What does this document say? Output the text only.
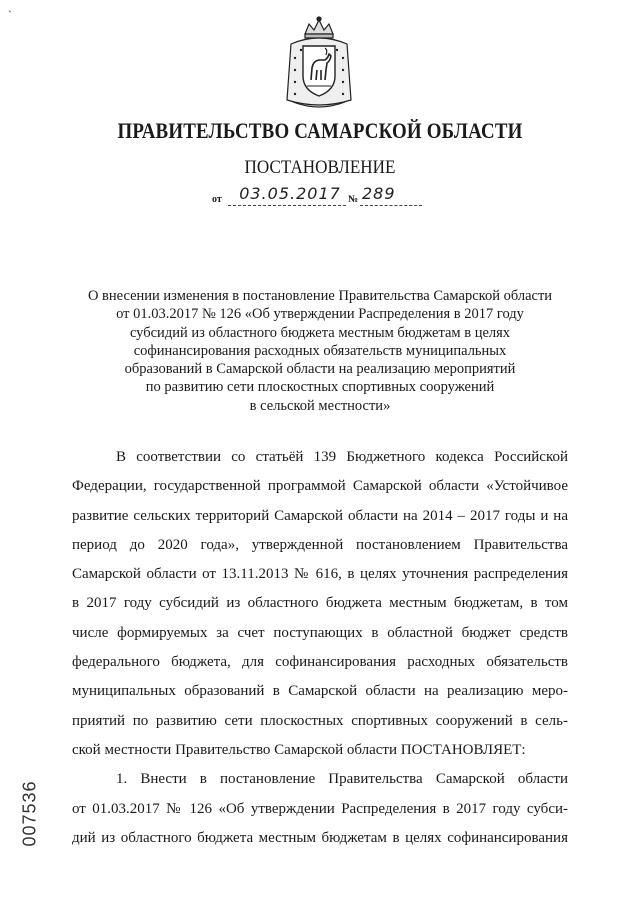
`
ПРАВИТЕЛЬСТВО САМАРСКОЙ ОБЛАСТИ
ПОСТАНОВЛЕНИЕ
от	03.05.2017 № 289
О внесении изменения в постановление Правительства Самарской области
от 01.03.2017 № 126 «Об утверждении Распределения в 2017 году
субсидий из областного бюджета местным бюджетам в целях
софинансирования расходных обязательств муниципальных
образований в Самарской области на реализацию мероприятий
по развитию сети плоскостных спортивных сооружений
в сельской местности»
В соответствии со статьёй 139 Бюджетного кодекса Российской
Федерации, государственной программой Самарской области «Устойчивое
развитие сельских территорий Самарской области на 2014 – 2017 годы и на
период до 2020 года», утвержденной постановлением Правительства
Самарской области от 13.11.2013 № 616, в целях уточнения распределения
в 2017 году субсидий из областного бюджета местным бюджетам, в том
числе формируемых за счет поступающих в областной бюджет средств
федерального бюджета, для софинансирования расходных обязательств
муниципальных образований в Самарской области на реализацию меро-
приятий по развитию сети плоскостных спортивных сооружений в сель-
ской местности Правительство Самарской области ПОСТАНОВЛЯЕТ:
1. Внести в постановление Правительства Самарской области
от 01.03.2017 № 126 «Об утверждении Распределения в 2017 году субси-
дий из областного бюджета местным бюджетам в целях софинансирования
007536
